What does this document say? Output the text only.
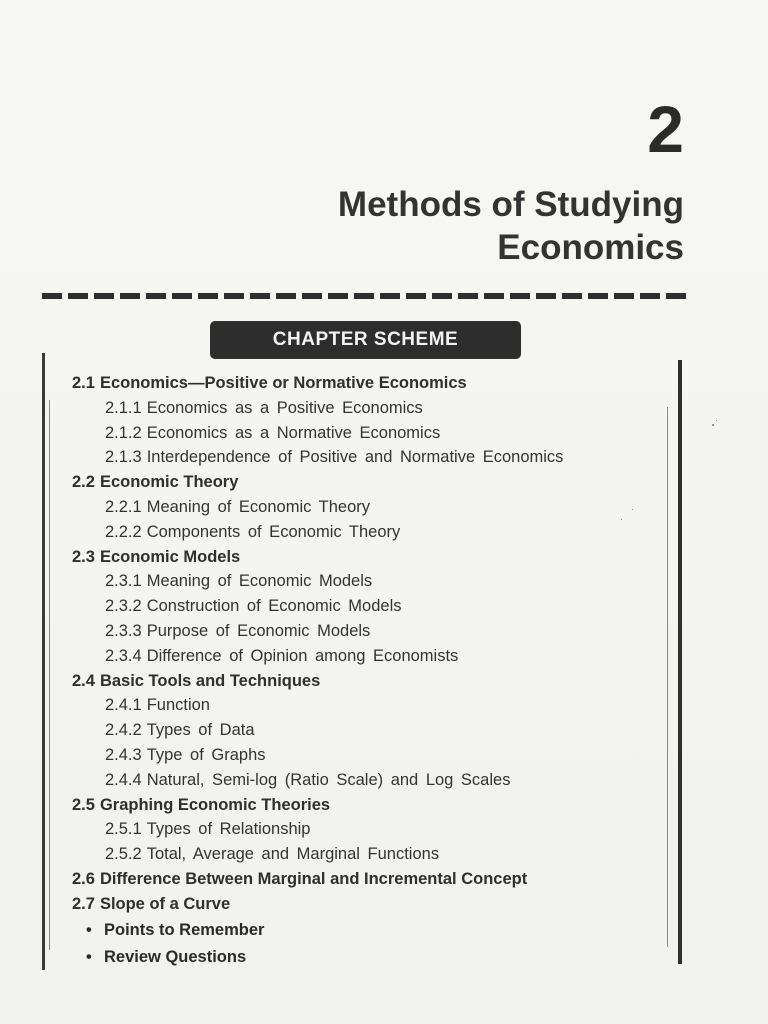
2
Methods of Studying
Economics
CHAPTER SCHEME
2.1 Economics—Positive or Normative Economics
2.1.1 Economics as a Positive Economics
2.1.2 Economics as a Normative Economics
2.1.3 Interdependence of Positive and Normative Economics
2.2 Economic Theory
2.2.1 Meaning of Economic Theory
2.2.2 Components of Economic Theory
2.3 Economic Models
2.3.1 Meaning of Economic Models
2.3.2 Construction of Economic Models
2.3.3 Purpose of Economic Models
2.3.4 Difference of Opinion among Economists
2.4 Basic Tools and Techniques
2.4.1 Function
2.4.2 Types of Data
2.4.3 Type of Graphs
2.4.4 Natural, Semi-log (Ratio Scale) and Log Scales
2.5 Graphing Economic Theories
2.5.1 Types of Relationship
2.5.2 Total, Average and Marginal Functions
2.6 Difference Between Marginal and Incremental Concept
2.7 Slope of a Curve
• Points to Remember
• Review Questions
